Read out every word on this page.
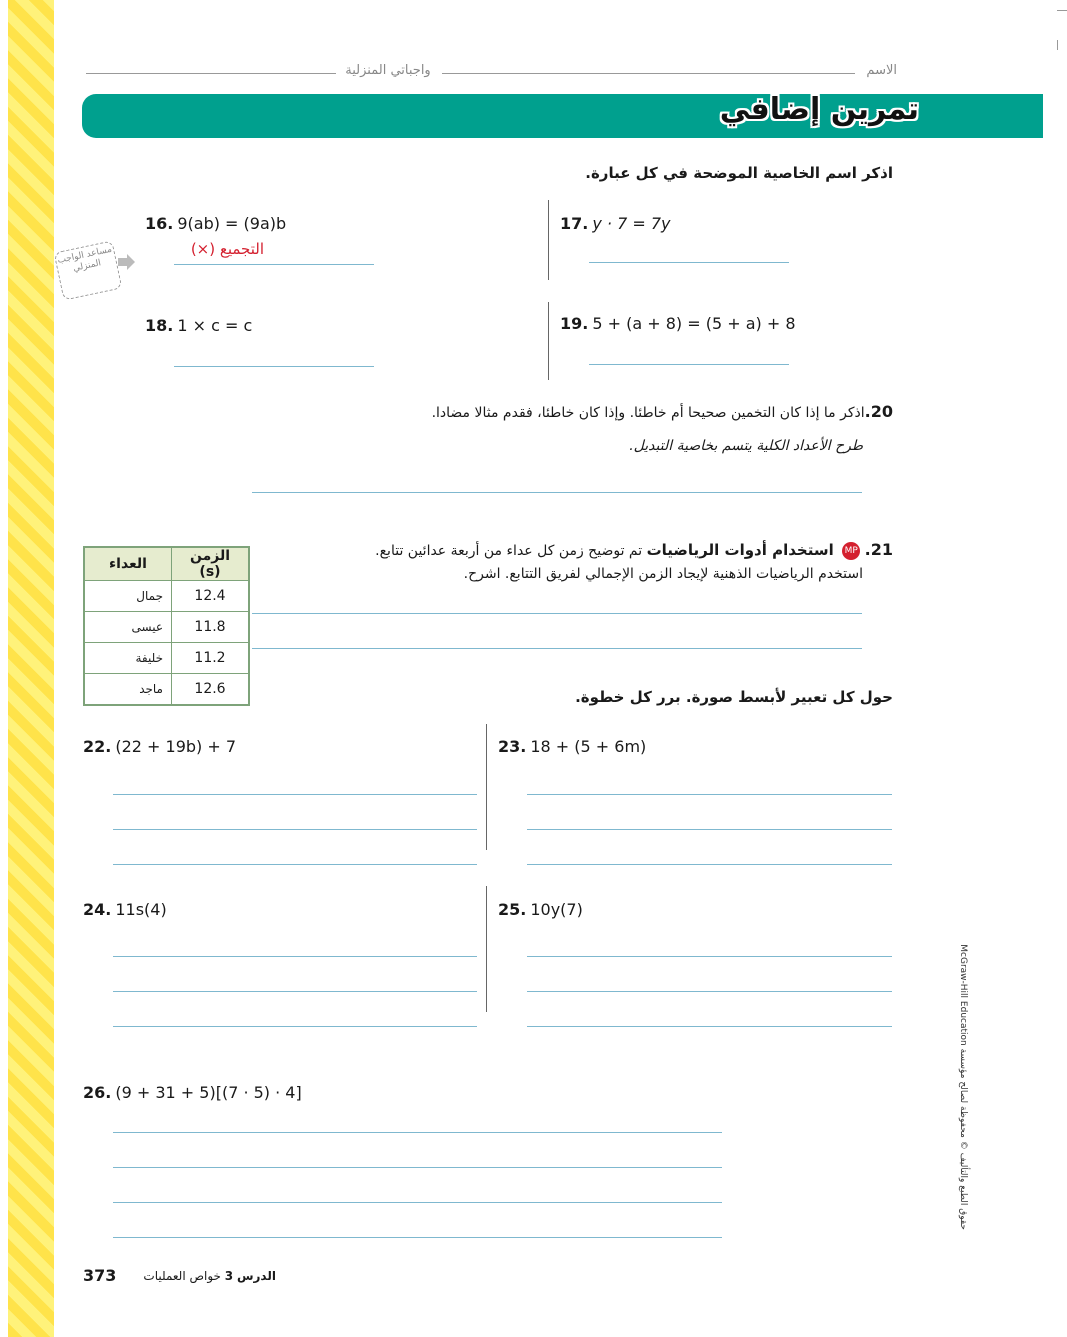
واجباتي المنزلية	الاسم
تمرين إضافي
اذكر اسم الخاصية الموضحة في كل عبارة.
مساعد الواجب المنزلي
16. 9(ab) = (9a)b
التجميع (×)
17. y · 7 = 7y
18. 1 × c = c	19. 5 + (a + 8) = (5 + a) + 8
20.اذكر ما إذا كان التخمين صحيحا أم خاطئا. وإذا كان خاطئا، فقدم مثالا مضادا.
طرح الأعداد الكلية يتسم بخاصية التبديل.
21. MP استخدام أدوات الرياضيات تم توضيح زمن كل عداء من أربعة عدائين تتابع.
استخدم الرياضيات الذهنية لإيجاد الزمن الإجمالي لفريق التتابع. اشرح.
العداء	الزمن (s)
جمال	12.4
عيسى	11.8
خليفة	11.2
ماجد	12.6	حول كل تعبير لأبسط صورة. برر كل خطوة.
22. (22 + 19b) + 7	23. 18 + (5 + 6m)
24. 11s(4)	25. 10y(7)
26. (9 + 31 + 5)[(7 · 5) · 4]
حقوق الطبع والتأليف © محفوظة لصالح مؤسسة McGraw-Hill Education
373	الدرس 3 خواص العمليات
